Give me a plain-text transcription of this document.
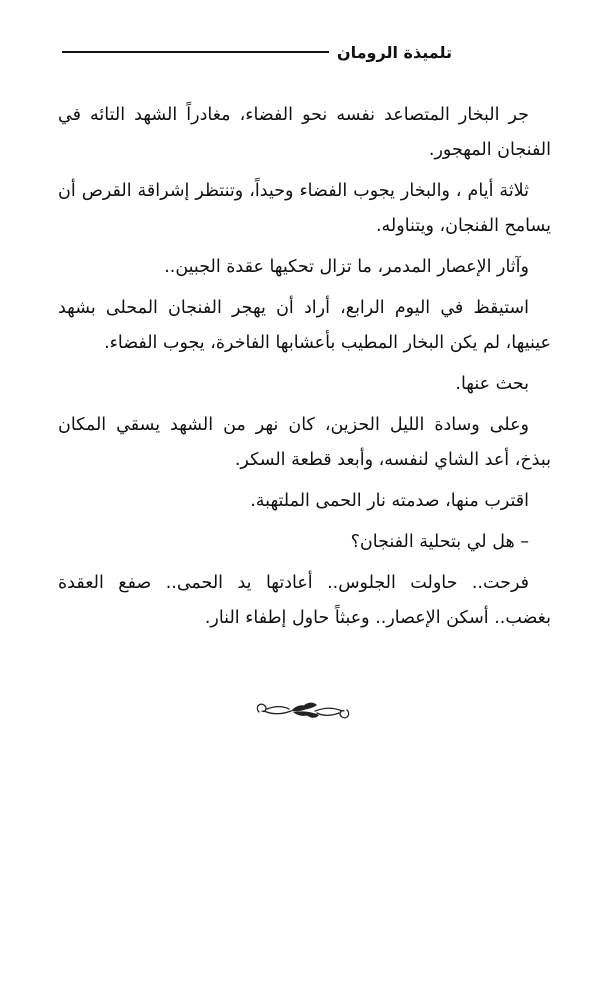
تلميذة الرومان

جر البخار المتصاعد نفسه نحو الفضاء، مغادراً الشهد التائه في الفنجان المهجور.

ثلاثة أيام ، والبخار يجوب الفضاء وحيداً، وتنتظر إشراقة القرص أن يسامح الفنجان، ويتناوله.

وآثار الإعصار المدمر، ما تزال تحكيها عقدة الجبين..

استيقظ في اليوم الرابع، أراد أن يهجر الفنجان المحلى بشهد عينيها، لم يكن البخار المطيب بأعشابها الفاخرة، يجوب الفضاء.

بحث عنها.

وعلى وسادة الليل الحزين، كان نهر من الشهد يسقي المكان ببذخ، أعد الشاي لنفسه، وأبعد قطعة السكر.

اقترب منها، صدمته نار الحمى الملتهبة.

– هل لي بتحلية الفنجان؟

فرحت.. حاولت الجلوس.. أعادتها يد الحمى.. صفع العقدة بغضب.. أسكن الإعصار.. وعبثاً حاول إطفاء النار.
